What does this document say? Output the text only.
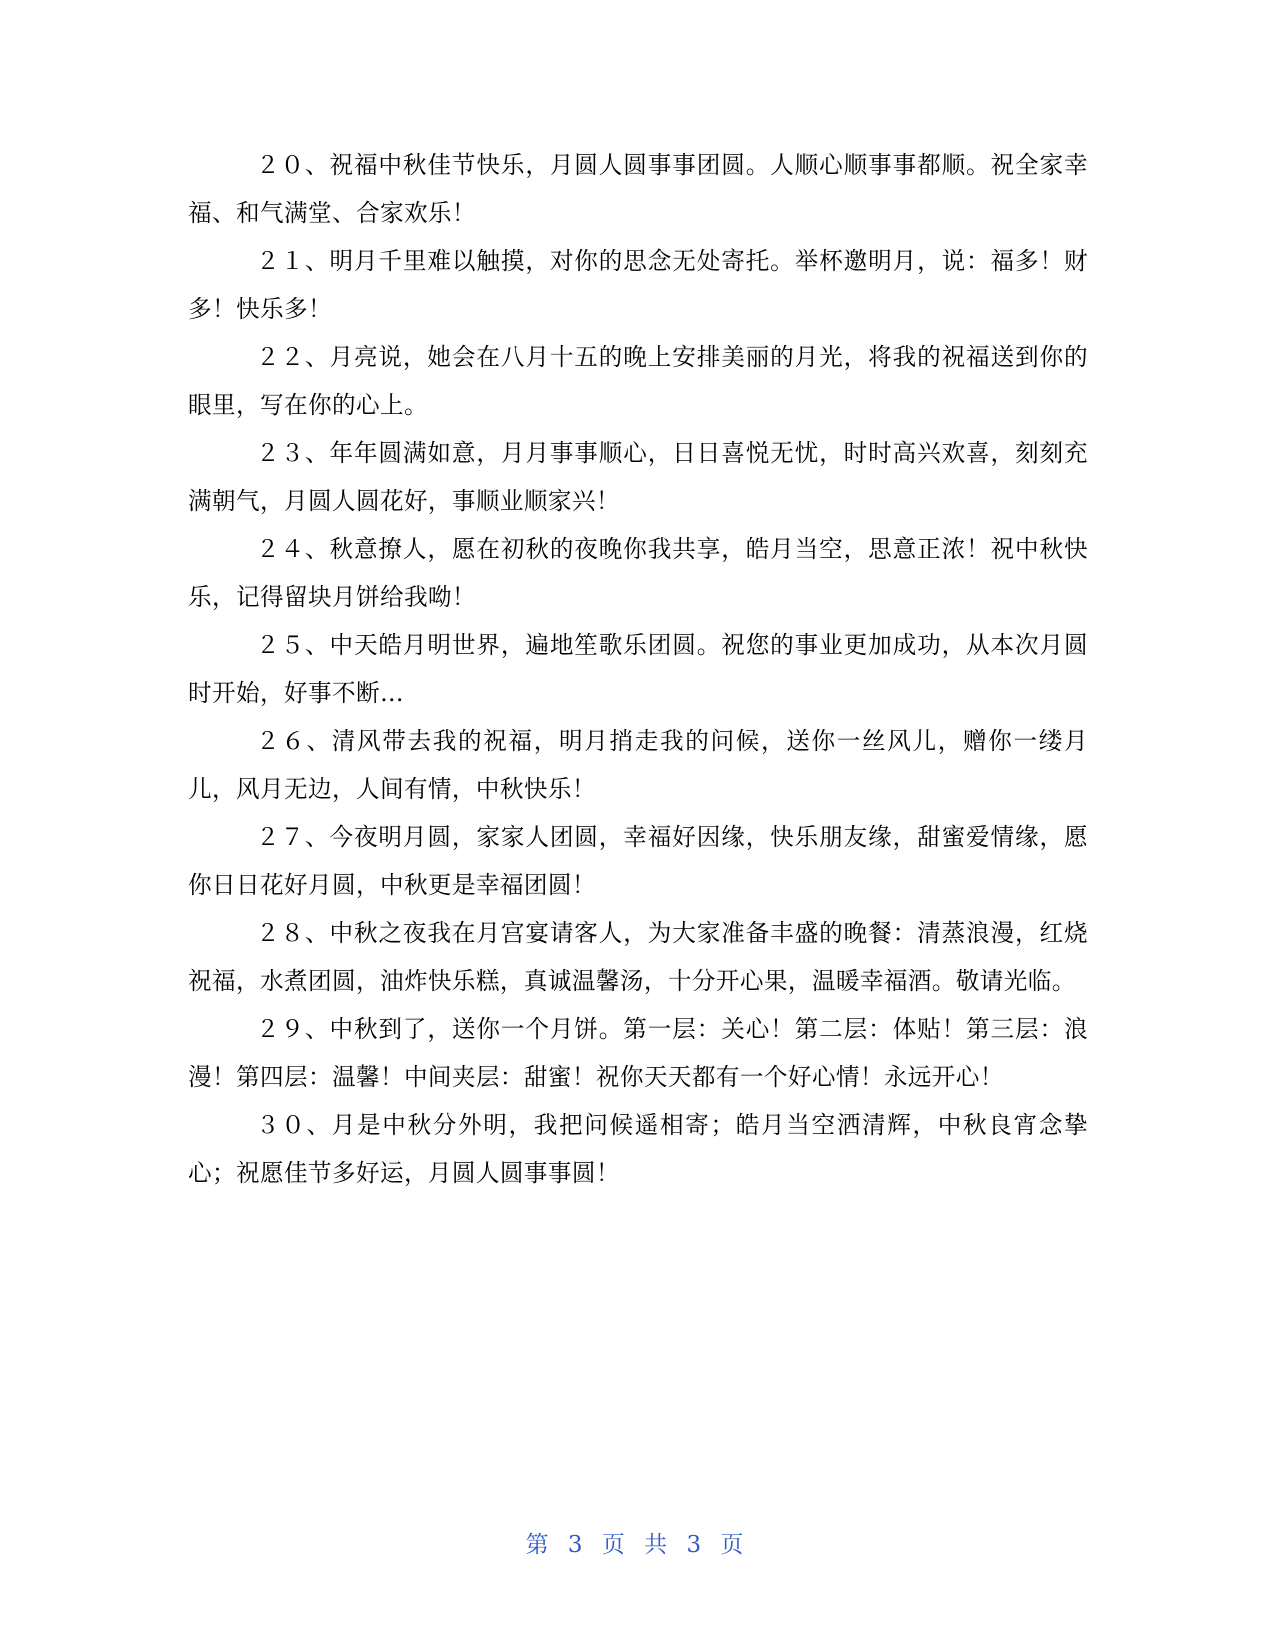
２０、祝福中秋佳节快乐，月圆人圆事事团圆。人顺心顺事事都顺。祝全家幸福、和气满堂、合家欢乐！

２１、明月千里难以触摸，对你的思念无处寄托。举杯邀明月，说：福多！财多！快乐多！

２２、月亮说，她会在八月十五的晚上安排美丽的月光，将我的祝福送到你的眼里，写在你的心上。

２３、年年圆满如意，月月事事顺心，日日喜悦无忧，时时高兴欢喜，刻刻充满朝气，月圆人圆花好，事顺业顺家兴！

２４、秋意撩人，愿在初秋的夜晚你我共享，皓月当空，思意正浓！祝中秋快乐，记得留块月饼给我呦！

２５、中天皓月明世界，遍地笙歌乐团圆。祝您的事业更加成功，从本次月圆时开始，好事不断…

２６、清风带去我的祝福，明月捎走我的问候，送你一丝风儿，赠你一缕月儿，风月无边，人间有情，中秋快乐！

２７、今夜明月圆，家家人团圆，幸福好因缘，快乐朋友缘，甜蜜爱情缘，愿你日日花好月圆，中秋更是幸福团圆！

２８、中秋之夜我在月宫宴请客人，为大家准备丰盛的晚餐：清蒸浪漫，红烧祝福，水煮团圆，油炸快乐糕，真诚温馨汤，十分开心果，温暖幸福酒。敬请光临。

２９、中秋到了，送你一个月饼。第一层：关心！第二层：体贴！第三层：浪漫！第四层：温馨！中间夹层：甜蜜！祝你天天都有一个好心情！永远开心！

３０、月是中秋分外明，我把问候遥相寄；皓月当空洒清辉，中秋良宵念挚心；祝愿佳节多好运，月圆人圆事事圆！

第 3 页 共 3 页
